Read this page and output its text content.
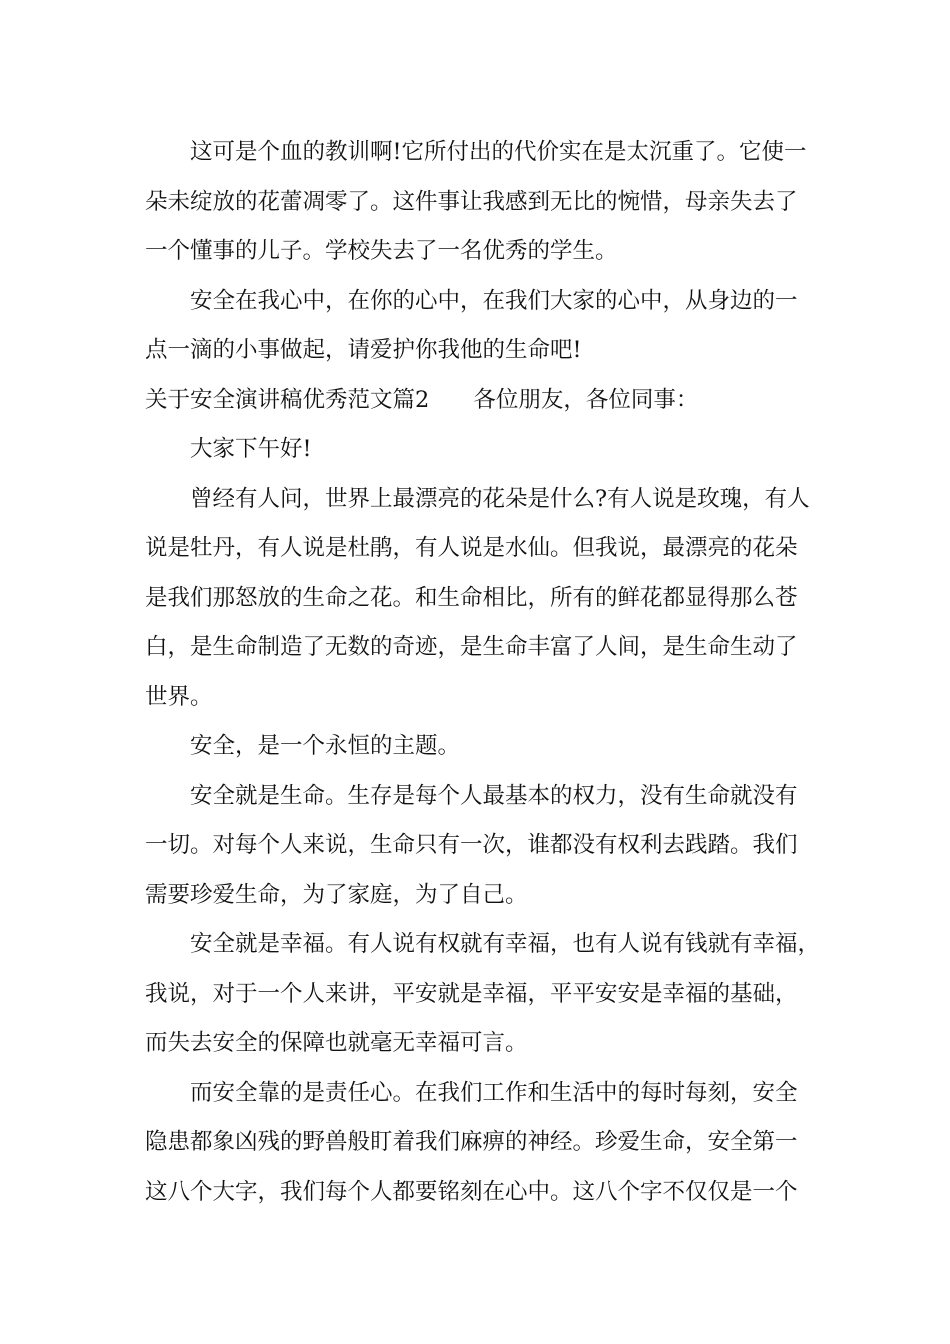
这可是个血的教训啊!它所付出的代价实在是太沉重了。它使一
朵未绽放的花蕾凋零了。这件事让我感到无比的惋惜，母亲失去了
一个懂事的儿子。学校失去了一名优秀的学生。
安全在我心中，在你的心中，在我们大家的心中，从身边的一
点一滴的小事做起，请爱护你我他的生命吧!
关于安全演讲稿优秀范文篇2 各位朋友，各位同事：
大家下午好!
曾经有人问，世界上最漂亮的花朵是什么?有人说是玫瑰，有人
说是牡丹，有人说是杜鹃，有人说是水仙。但我说，最漂亮的花朵
是我们那怒放的生命之花。和生命相比，所有的鲜花都显得那么苍
白，是生命制造了无数的奇迹，是生命丰富了人间，是生命生动了
世界。
安全，是一个永恒的主题。
安全就是生命。生存是每个人最基本的权力，没有生命就没有
一切。对每个人来说，生命只有一次，谁都没有权利去践踏。我们
需要珍爱生命，为了家庭，为了自己。
安全就是幸福。有人说有权就有幸福，也有人说有钱就有幸福，
我说，对于一个人来讲，平安就是幸福，平平安安是幸福的基础，
而失去安全的保障也就毫无幸福可言。
而安全靠的是责任心。在我们工作和生活中的每时每刻，安全
隐患都象凶残的野兽般盯着我们麻痹的神经。珍爱生命，安全第一
这八个大字，我们每个人都要铭刻在心中。这八个字不仅仅是一个
